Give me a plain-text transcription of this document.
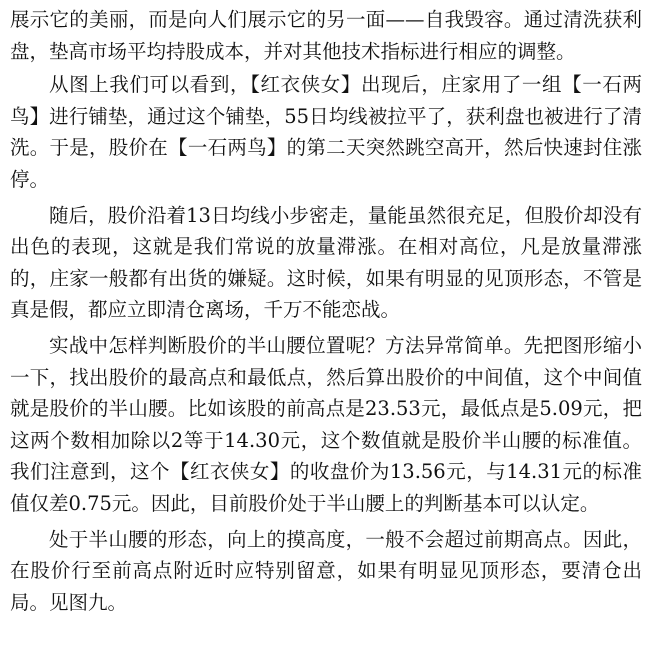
展示它的美丽，而是向人们展示它的另一面——自我毁容。通过清洗获利盘，垫高市场平均持股成本，并对其他技术指标进行相应的调整。

从图上我们可以看到，【红衣侠女】出现后，庄家用了一组【一石两鸟】进行铺垫，通过这个铺垫，55日均线被拉平了，获利盘也被进行了清洗。于是，股价在【一石两鸟】的第二天突然跳空高开，然后快速封住涨停。

随后，股价沿着13日均线小步密走，量能虽然很充足，但股价却没有出色的表现，这就是我们常说的放量滞涨。在相对高位，凡是放量滞涨的，庄家一般都有出货的嫌疑。这时候，如果有明显的见顶形态，不管是真是假，都应立即清仓离场，千万不能恋战。

实战中怎样判断股价的半山腰位置呢？方法异常简单。先把图形缩小一下，找出股价的最高点和最低点，然后算出股价的中间值，这个中间值就是股价的半山腰。比如该股的前高点是23.53元，最低点是5.09元，把这两个数相加除以2等于14.30元，这个数值就是股价半山腰的标准值。我们注意到，这个【红衣侠女】的收盘价为13.56元，与14.31元的标准值仅差0.75元。因此，目前股价处于半山腰上的判断基本可以认定。

处于半山腰的形态，向上的摸高度，一般不会超过前期高点。因此，在股价行至前高点附近时应特别留意，如果有明显见顶形态，要清仓出局。见图九。
